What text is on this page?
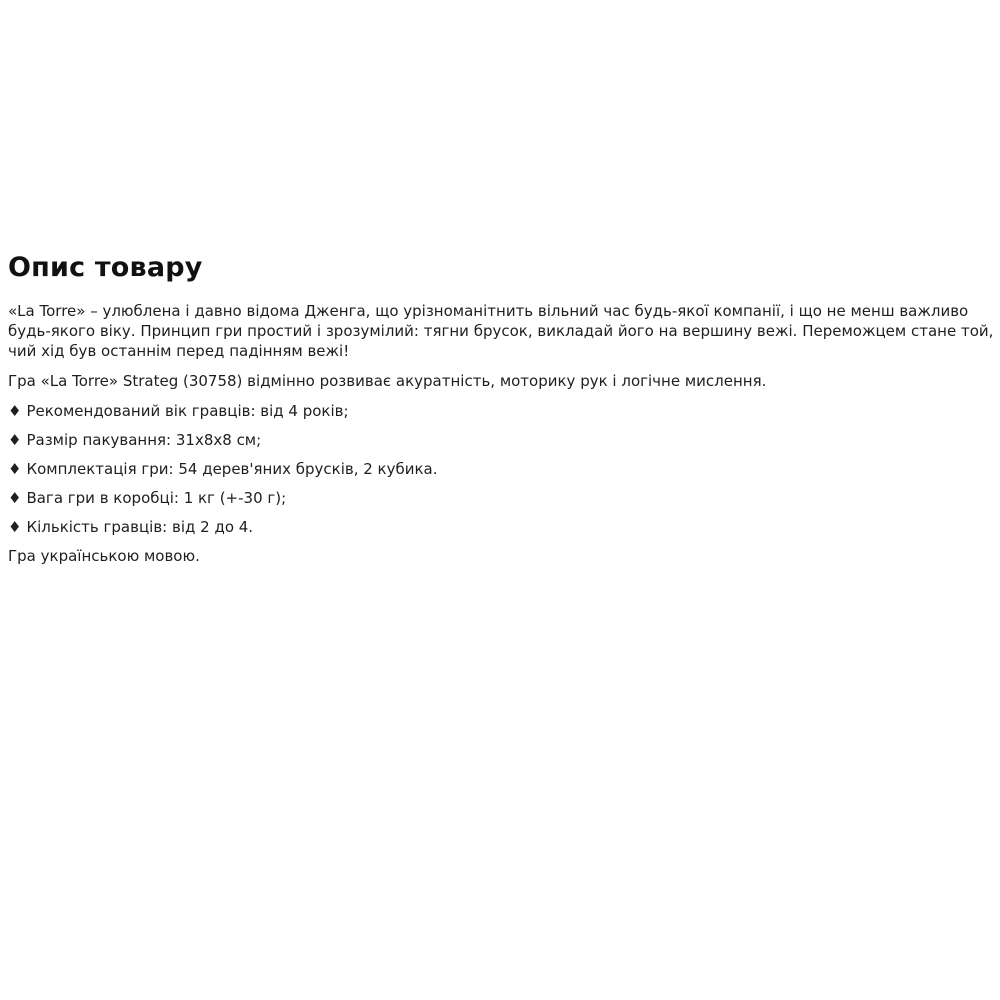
Опис товару

«La Torre» – улюблена і давно відома Дженга, що урізноманітнить вільний час будь-якої компанії, і що не менш важливо будь-якого віку. Принцип гри простий і зрозумілий: тягни брусок, викладай його на вершину вежі. Переможцем стане той, чий хід був останнім перед падінням вежі!

Гра «La Torre» Strateg (30758) відмінно розвиває акуратність, моторику рук і логічне мислення.

♦ Рекомендований вік гравців: від 4 років;
♦ Размір пакування: 31x8x8 см;
♦ Комплектація гри: 54 дерев'яних брусків, 2 кубика.
♦ Вага гри в коробці: 1 кг (+-30 г);
♦ Кількість гравців: від 2 до 4.

Гра українською мовою.
